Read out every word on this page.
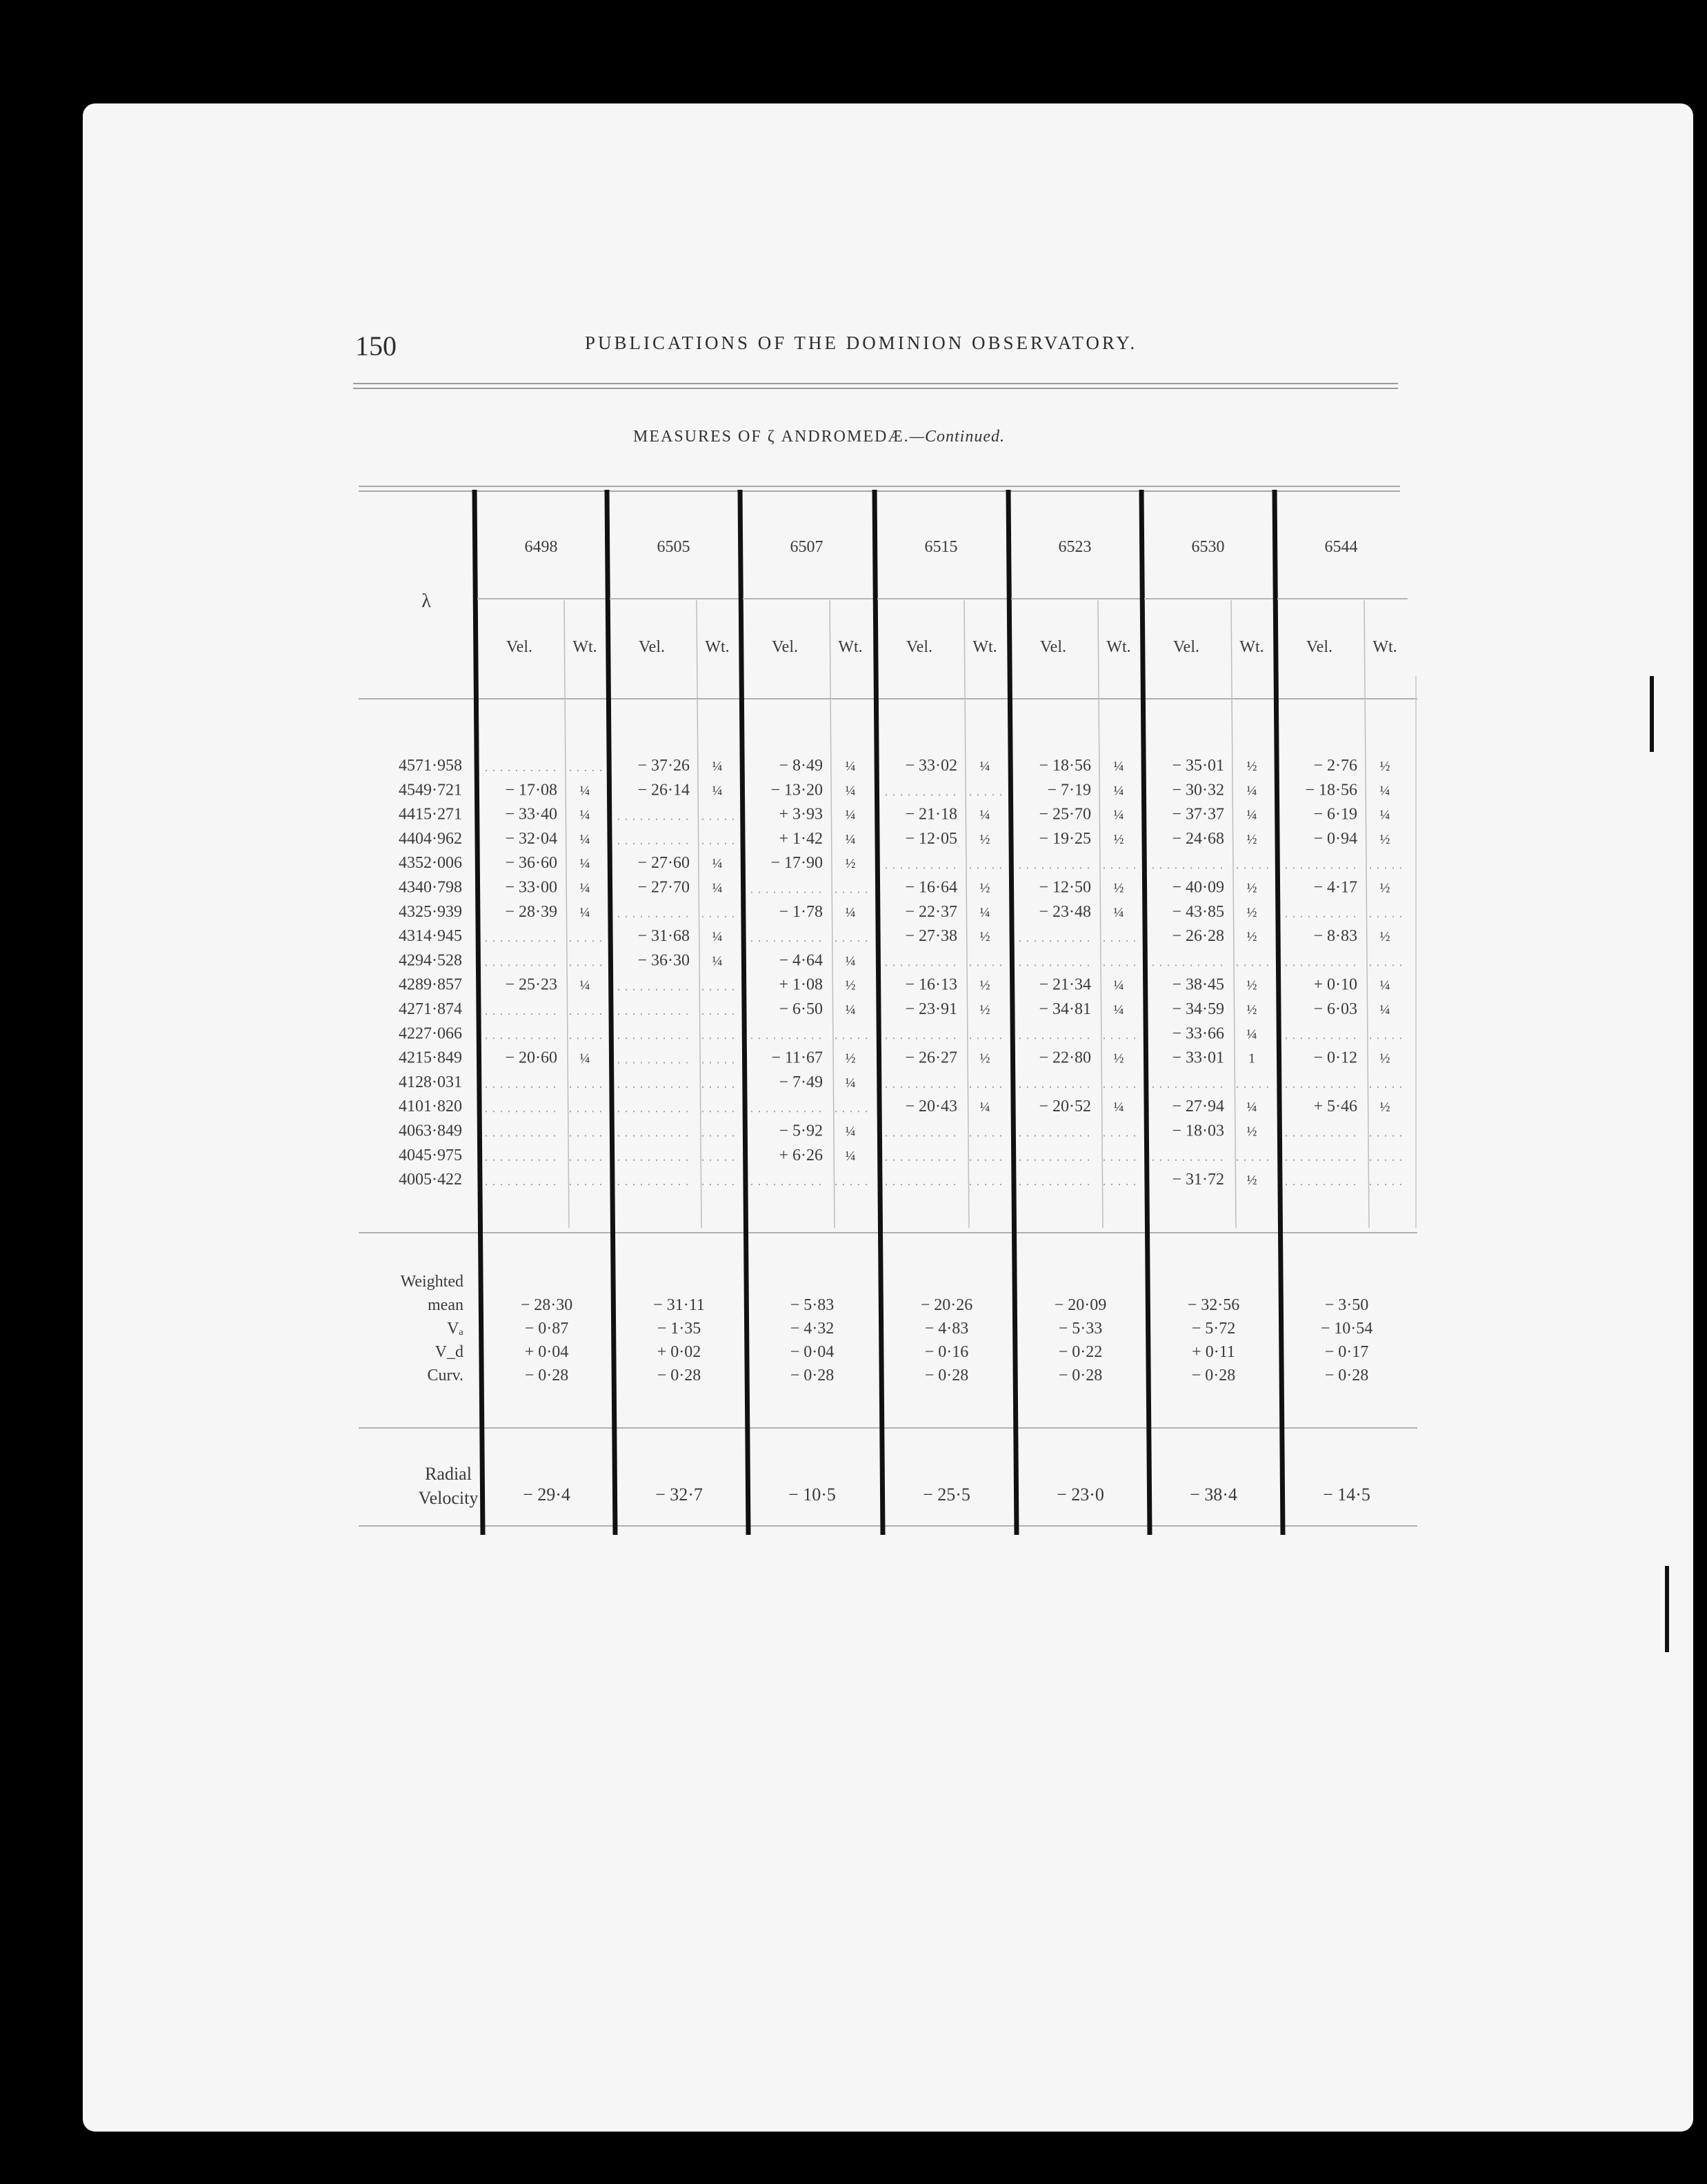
150	PUBLICATIONS OF THE DOMINION OBSERVATORY.
MEASURES OF ζ ANDROMEDÆ.—Continued.
λ
4571·958
4549·721
4415·271
4404·962
4352·006
4340·798
4325·939
4314·945
4294·528
4289·857
4271·874
4227·066
4215·849
4128·031
4101·820
4063·849
4045·975
4005·422
Weighted
mean
Vₐ
V_d
Curv.
Radial
Velocity
6498
Vel. Wt.
− 17·08 ¼
− 33·40 ¼
− 32·04 ¼
− 36·60 ¼
− 33·00 ¼
− 28·39 ¼
− 25·23 ¼
− 20·60 ¼
− 28·30
− 0·87
+ 0·04
− 0·28
− 29·4
6505
Vel. Wt.
− 37·26 ¼
− 26·14 ¼
− 27·60 ¼
− 27·70 ¼
− 31·68 ¼
− 36·30 ¼
− 31·11
− 1·35
+ 0·02
− 0·28
− 32·7
6507
Vel. Wt.
− 8·49 ¼
− 13·20 ¼
+ 3·93 ¼
+ 1·42 ¼
− 17·90 ½
− 1·78 ¼
− 4·64 ¼
+ 1·08 ½
− 6·50 ¼
− 11·67 ½
− 7·49 ¼
− 5·92 ¼
+ 6·26 ¼
− 5·83
− 4·32
− 0·04
− 0·28
− 10·5
6515
Vel. Wt.
− 33·02 ¼
− 21·18 ¼
− 12·05 ½
− 16·64 ½
− 22·37 ¼
− 27·38 ½
− 16·13 ½
− 23·91 ½
− 26·27 ½
− 20·43 ¼
− 20·26
− 4·83
− 0·16
− 0·28
− 25·5
6523
Vel. Wt.
− 18·56 ¼
− 7·19 ¼
− 25·70 ¼
− 19·25 ½
− 12·50 ½
− 23·48 ¼
− 21·34 ¼
− 34·81 ¼
− 22·80 ½
− 20·52 ¼
− 20·09
− 5·33
− 0·22
− 0·28
− 23·0
6530
Vel. Wt.
− 35·01 ½
− 30·32 ¼
− 37·37 ¼
− 24·68 ½
− 40·09 ½
− 43·85 ½
− 26·28 ½
− 38·45 ½
− 34·59 ½
− 33·66 ¼
− 33·01 1
− 27·94 ¼
− 18·03 ½
− 31·72 ½
− 32·56
− 5·72
+ 0·11
− 0·28
− 38·4
6544
Vel. Wt.
− 2·76 ½
− 18·56 ¼
− 6·19 ¼
− 0·94 ½
− 4·17 ½
− 8·83 ½
+ 0·10 ¼
− 6·03 ¼
− 0·12 ½
+ 5·46 ½
− 3·50
− 10·54
− 0·17
− 0·28
− 14·5
